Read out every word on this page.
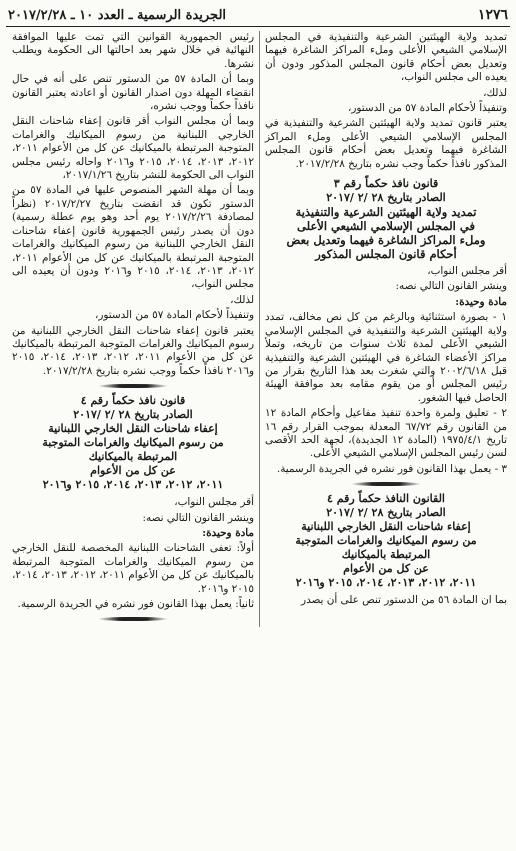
١٢٧٦
الجريدة الرسمية ـ العدد ١٠ ـ ٢٠١٧/٢/٢٨

تمديد ولاية الهيئتين الشرعية والتنفيذية في المجلس الإسلامي الشيعي الأعلى وملء المراكز الشاغرة فيهما وتعديل بعض أحكام قانون المجلس المذكور ودون أن يعيده الى مجلس النواب،

لذلك،

وتنفيذاً لأحكام المادة ٥٧ من الدستور،

يعتبر قانون تمديد ولاية الهيئتين الشرعية والتنفيذية في المجلس الإسلامي الشيعي الأعلى وملء المراكز الشاغرة فيهما وتعديل بعض أحكام قانون المجلس المذكور نافذاً حكماً وجب نشره بتاريخ ٢٠١٧/٢/٢٨.

قانون نافذ حكماً رقم ٣

الصادر بتاريخ ٢٨ /٢ /٢٠١٧

تمديد ولاية الهيئتين الشرعية والتنفيذية

في المجلس الإسلامي الشيعي الأعلى

وملء المراكز الشاغرة فيهما وتعديل بعض

أحكام قانون المجلس المذكور

أقر مجلس النواب،

وينشر القانون التالي نصه:

مادة وحيدة:

١ - بصورة استثنائية وبالرغم من كل نص مخالف، تمدد ولاية الهيئتين الشرعية والتنفيذية في المجلس الإسلامي الشيعي الأعلى لمدة ثلاث سنوات من تاريخه، وتملأ مراكز الأعضاء الشاغرة في الهيئتين الشرعية والتنفيذية قبل ٢٠٠٢/٦/١٨ والتي شغرت بعد هذا التاريخ بقرار من رئيس المجلس أو من يقوم مقامه بعد موافقة الهيئة الحاصل فيها الشغور.

٢ - تعليق ولمرة واحدة تنفيذ مفاعيل وأحكام المادة ١٢ من القانون رقم ٦٧/٧٢ المعدلة بموجب القرار رقم ١٦ تاريخ ١٩٧٥/٤/١ (المادة ١٢ الجديدة)، لجهة الحد الأقصى لسن رئيس المجلس الإسلامي الشيعي الأعلى.

٣ - يعمل بهذا القانون فور نشره في الجريدة الرسمية.

القانون النافذ حكماً رقم ٤

الصادر بتاريخ ٢٨ /٢ /٢٠١٧

إعفاء شاحنات النقل الخارجي اللبنانية

من رسوم الميكانيك والغرامات المتوجبة

المرتبطة بالميكانيك

عن كل من الأعوام

٢٠١١، ٢٠١٢، ٢٠١٣، ٢٠١٤، ٢٠١٥ و٢٠١٦

بما ان المادة ٥٦ من الدستور تنص على أن يصدر

رئيس الجمهورية القوانين التي تمت عليها الموافقة النهائية في خلال شهر بعد احالتها الى الحكومة ويطلب نشرها.

وبما أن المادة ٥٧ من الدستور تنص على أنه في حال انقضاء المهلة دون اصدار القانون أو اعادته يعتبر القانون نافذاً حكماً ووجب نشره،

وبما أن مجلس النواب أقر قانون إعفاء شاحنات النقل الخارجي اللبنانية من رسوم الميكانيك والغرامات المتوجبة المرتبطة بالميكانيك عن كل من الأعوام ٢٠١١، ٢٠١٢، ٢٠١٣، ٢٠١٤، ٢٠١٥ و٢٠١٦ واحاله رئيس مجلس النواب الى الحكومة للنشر بتاريخ ٢٠١٧/١/٢٦،

وبما أن مهلة الشهر المنصوص عليها في المادة ٥٧ من الدستور تكون قد انقضت بتاريخ ٢٠١٧/٢/٢٧ (نظراً لمصادفة ٢٠١٧/٢/٢٦ يوم أحد وهو يوم عطلة رسمية) دون أن يصدر رئيس الجمهورية قانون إعفاء شاحنات النقل الخارجي اللبنانية من رسوم الميكانيك والغرامات المتوجبة المرتبطة بالميكانيك عن كل من الأعوام ٢٠١١، ٢٠١٢، ٢٠١٣، ٢٠١٤، ٢٠١٥ و٢٠١٦ ودون أن يعيده الى مجلس النواب،

لذلك،

وتنفيذاً لأحكام المادة ٥٧ من الدستور،

يعتبر قانون إعفاء شاحنات النقل الخارجي اللبنانية من رسوم الميكانيك والغرامات المتوجبة المرتبطة بالميكانيك عن كل من الأعوام ٢٠١١، ٢٠١٢، ٢٠١٣، ٢٠١٤، ٢٠١٥ و٢٠١٦ نافذاً حكماً ووجب نشره بتاريخ ٢٠١٧/٢/٢٨.

قانون نافذ حكماً رقم ٤

الصادر بتاريخ ٢٨ /٢ /٢٠١٧

إعفاء شاحنات النقل الخارجي اللبنانية

من رسوم الميكانيك والغرامات المتوجبة

المرتبطة بالميكانيك

عن كل من الأعوام

٢٠١١، ٢٠١٢، ٢٠١٣، ٢٠١٤، ٢٠١٥ و٢٠١٦

أقر مجلس النواب،

وينشر القانون التالي نصه:

مادة وحيدة:

أولاً: تعفى الشاحنات اللبنانية المخصصة للنقل الخارجي من رسوم الميكانيك والغرامات المتوجبة المرتبطة بالميكانيك عن كل من الأعوام ٢٠١١، ٢٠١٢، ٢٠١٣، ٢٠١٤، ٢٠١٥ و٢٠١٦.

ثانياً: يعمل بهذا القانون فور نشره في الجريدة الرسمية.
